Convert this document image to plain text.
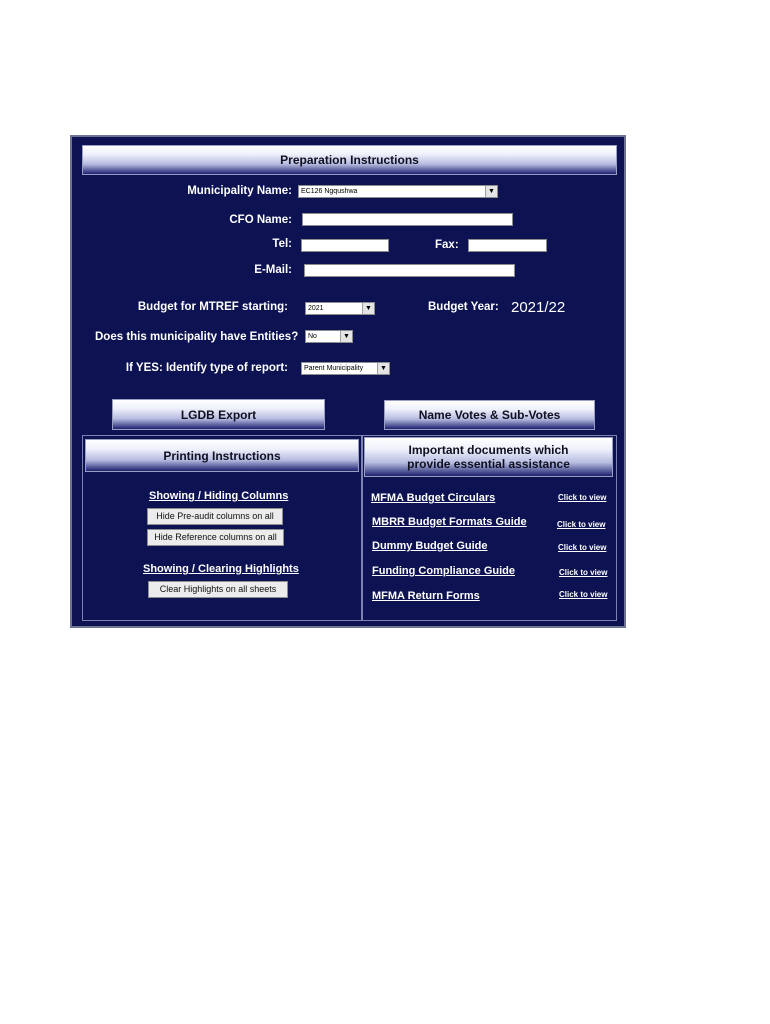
Preparation Instructions
Municipality Name:	EC126 Ngqushwa	▼
CFO Name:
Tel:	Fax:
E-Mail:
Budget for MTREF starting:	2021	▼	Budget Year: 2021/22
Does this municipality have Entities?	No	▼
If YES: Identify type of report:	Parent Municipality	▼
LGDB Export	Name Votes & Sub-Votes
Printing Instructions
Showing / Hiding Columns
Hide Pre-audit columns on all
Hide Reference columns on all
Showing / Clearing Highlights
Clear Highlights on all sheets
Important documents which
provide essential assistance
MFMA Budget Circulars	Click to view
MBRR Budget Formats Guide	Click to view
Dummy Budget Guide	Click to view
Funding Compliance Guide	Click to view
MFMA Return Forms	Click to view
